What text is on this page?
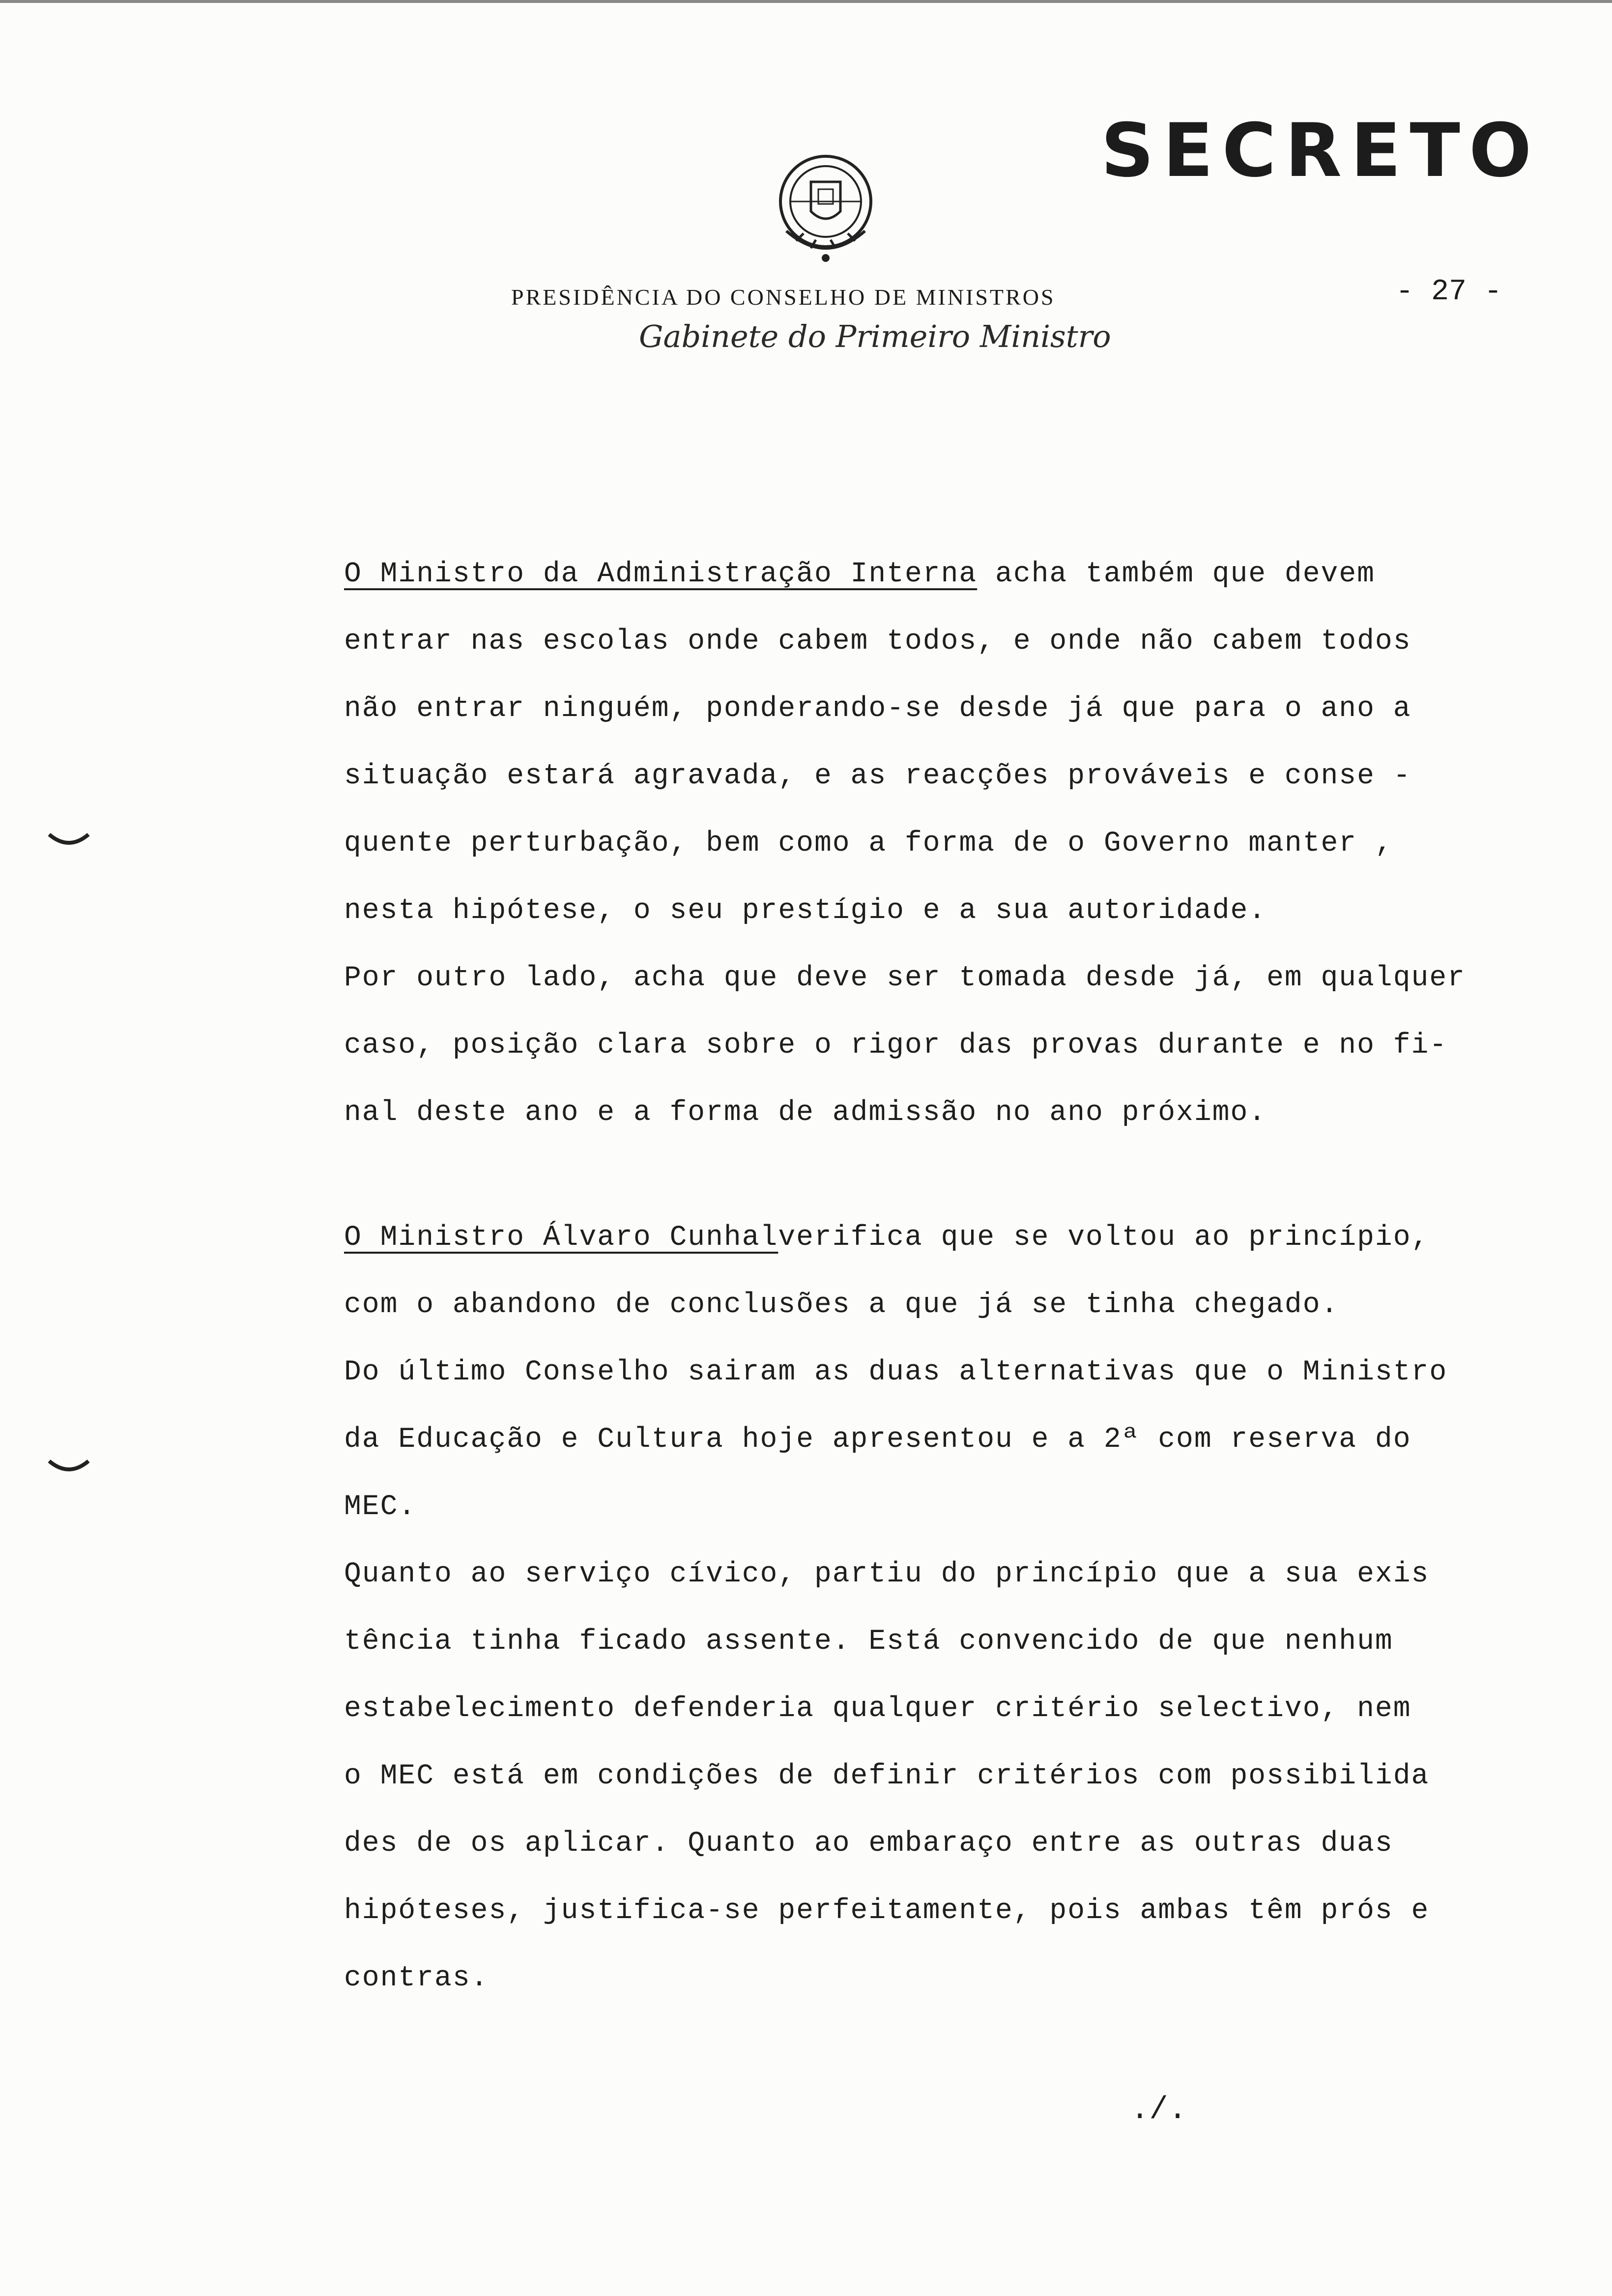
SECRETO
PRESIDÊNCIA DO CONSELHO DE MINISTROS
Gabinete do Primeiro Ministro
- 27 -
O Ministro da Administração Interna acha também que devem
entrar nas escolas onde cabem todos, e onde não cabem todos
não entrar ninguém, ponderando-se desde já que para o ano a
situação estará agravada, e as reacções prováveis e conse -
quente perturbação, bem como a forma de o Governo manter ,
nesta hipótese, o seu prestígio e a sua autoridade.
Por outro lado, acha que deve ser tomada desde já, em qualquer
caso, posição clara sobre o rigor das provas durante e no fi-
nal deste ano e a forma de admissão no ano próximo.
O Ministro Álvaro Cunhalverifica que se voltou ao princípio,
com o abandono de conclusões a que já se tinha chegado.
Do último Conselho sairam as duas alternativas que o Ministro
da Educação e Cultura hoje apresentou e a 2ª com reserva do
MEC.
Quanto ao serviço cívico, partiu do princípio que a sua exis
tência tinha ficado assente. Está convencido de que nenhum
estabelecimento defenderia qualquer critério selectivo, nem
o MEC está em condições de definir critérios com possibilida
des de os aplicar. Quanto ao embaraço entre as outras duas
hipóteses, justifica-se perfeitamente, pois ambas têm prós e
contras.
./.
